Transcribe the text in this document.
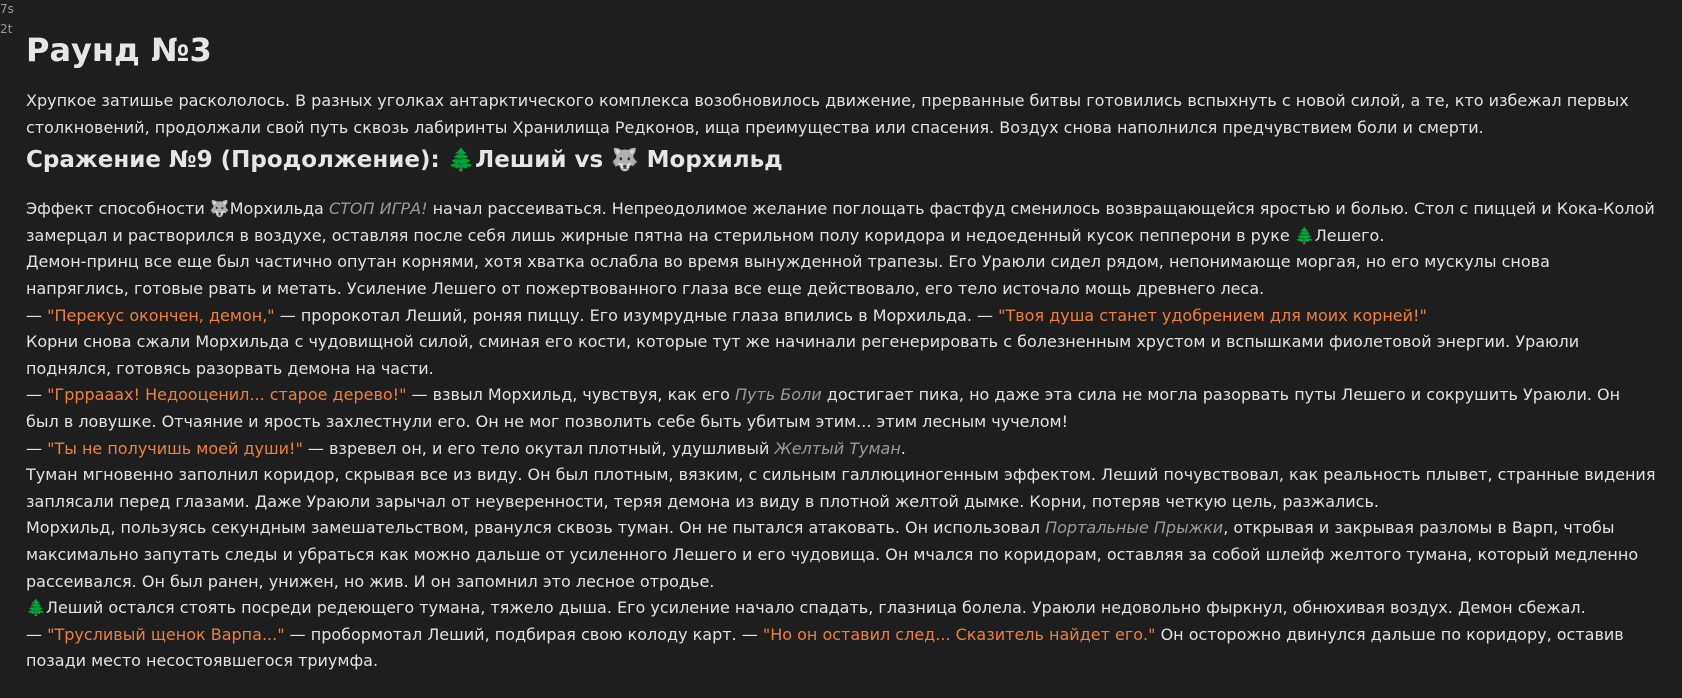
7s
2t
Раунд №3

Хрупкое затишье раскололось. В разных уголках антарктического комплекса возобновилось движение, прерванные битвы готовились вспыхнуть с новой силой, а те, кто избежал первых столкновений, продолжали свой путь сквозь лабиринты Хранилища Редконов, ища преимущества или спасения. Воздух снова наполнился предчувствием боли и смерти.

Сражение №9 (Продолжение): 🌲Леший vs 🐺 Морхильд

Эффект способности 🐺Морхильда СТОП ИГРА! начал рассеиваться. Непреодолимое желание поглощать фастфуд сменилось возвращающейся яростью и болью. Стол с пиццей и Кока-Колой замерцал и растворился в воздухе, оставляя после себя лишь жирные пятна на стерильном полу коридора и недоеденный кусок пепперони в руке 🌲Лешего.

Демон-принц все еще был частично опутан корнями, хотя хватка ослабла во время вынужденной трапезы. Его Ураюли сидел рядом, непонимающе моргая, но его мускулы снова напряглись, готовые рвать и метать. Усиление Лешего от пожертвованного глаза все еще действовало, его тело источало мощь древнего леса.

— "Перекус окончен, демон," — пророкотал Леший, роняя пиццу. Его изумрудные глаза впились в Морхильда. — "Твоя душа станет удобрением для моих корней!"

Корни снова сжали Морхильда с чудовищной силой, сминая его кости, которые тут же начинали регенерировать с болезненным хрустом и вспышками фиолетовой энергии. Ураюли поднялся, готовясь разорвать демона на части.

— "Гррраааx! Недооценил... старое дерево!" — взвыл Морхильд, чувствуя, как его Путь Боли достигает пика, но даже эта сила не могла разорвать путы Лешего и сокрушить Ураюли. Он был в ловушке. Отчаяние и ярость захлестнули его. Он не мог позволить себе быть убитым этим... этим лесным чучелом!

— "Ты не получишь моей души!" — взревел он, и его тело окутал плотный, удушливый Желтый Туман.

Туман мгновенно заполнил коридор, скрывая все из виду. Он был плотным, вязким, с сильным галлюциногенным эффектом. Леший почувствовал, как реальность плывет, странные видения заплясали перед глазами. Даже Ураюли зарычал от неуверенности, теряя демона из виду в плотной желтой дымке. Корни, потеряв четкую цель, разжались.

Морхильд, пользуясь секундным замешательством, рванулся сквозь туман. Он не пытался атаковать. Он использовал Портальные Прыжки, открывая и закрывая разломы в Варп, чтобы максимально запутать следы и убраться как можно дальше от усиленного Лешего и его чудовища. Он мчался по коридорам, оставляя за собой шлейф желтого тумана, который медленно рассеивался. Он был ранен, унижен, но жив. И он запомнил это лесное отродье.

🌲Леший остался стоять посреди редеющего тумана, тяжело дыша. Его усиление начало спадать, глазница болела. Ураюли недовольно фыркнул, обнюхивая воздух. Демон сбежал.

— "Трусливый щенок Варпа..." — пробормотал Леший, подбирая свою колоду карт. — "Но он оставил след... Сказитель найдет его." Он осторожно двинулся дальше по коридору, оставив позади место несостоявшегося триумфа.
